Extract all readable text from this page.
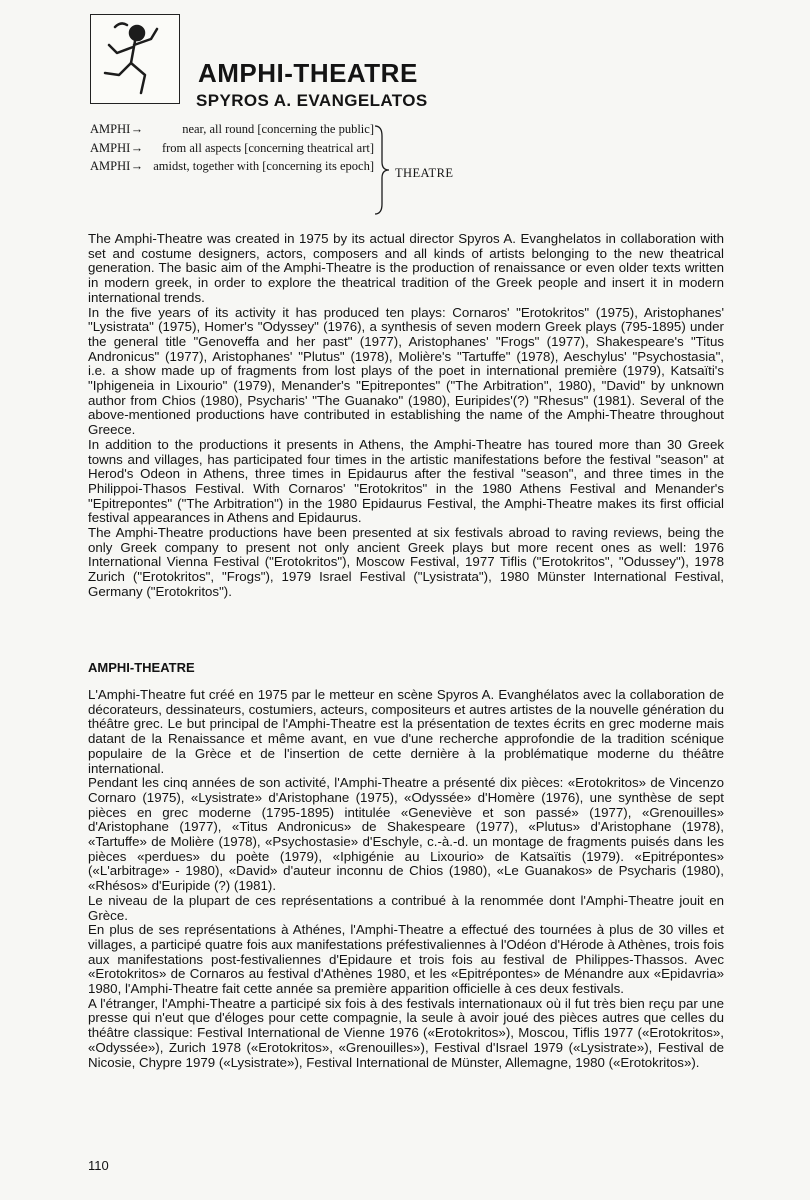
AMPHI-THEATRE
SPYROS A. EVANGELATOS
AMPHI →	near, all round [concerning the public]
AMPHI →	from all aspects [concerning theatrical art]
AMPHI → amidst, together with [concerning its epoch]	THEATRE

The Amphi-Theatre was created in 1975 by its actual director Spyros A. Evanghelatos in collaboration with set and costume designers, actors, composers and all kinds of artists belonging to the new theatrical generation. The basic aim of the Amphi-Theatre is the production of renaissance or even older texts written in modern greek, in order to explore the theatrical tradition of the Greek people and insert it in modern international trends.

In the five years of its activity it has produced ten plays: Cornaros' "Erotokritos" (1975), Aristophanes' "Lysistrata" (1975), Homer's "Odyssey" (1976), a synthesis of seven modern Greek plays (795-1895) under the general title "Genoveffa and her past" (1977), Aristophanes' "Frogs" (1977), Shakespeare's "Titus Andronicus" (1977), Aristophanes' "Plutus" (1978), Molière's "Tartuffe" (1978), Aeschylus' "Psychostasia", i.e. a show made up of fragments from lost plays of the poet in international première (1979), Katsaïti's "Iphigeneia in Lixourio" (1979), Menander's "Epitrepontes" ("The Arbitration", 1980), "David" by unknown author from Chios (1980), Psycharis' "The Guanako" (1980), Euripides'(?) "Rhesus" (1981). Several of the above-mentioned productions have contributed in establishing the name of the Amphi-Theatre throughout Greece.

In addition to the productions it presents in Athens, the Amphi-Theatre has toured more than 30 Greek towns and villages, has participated four times in the artistic manifestations before the festival "season" at Herod's Odeon in Athens, three times in Epidaurus after the festival "season", and three times in the Philippoi-Thasos Festival. With Cornaros' "Erotokritos" in the 1980 Athens Festival and Menander's "Epitrepontes" ("The Arbitration") in the 1980 Epidaurus Festival, the Amphi-Theatre makes its first official festival appearances in Athens and Epidaurus.

The Amphi-Theatre productions have been presented at six festivals abroad to raving reviews, being the only Greek company to present not only ancient Greek plays but more recent ones as well: 1976 International Vienna Festival ("Erotokritos"), Moscow Festival, 1977 Tiflis ("Erotokritos", "Odussey"), 1978 Zurich ("Erotokritos", "Frogs"), 1979 Israel Festival ("Lysistrata"), 1980 Münster International Festival, Germany ("Erotokritos").

AMPHI-THEATRE

L'Amphi-Theatre fut créé en 1975 par le metteur en scène Spyros A. Evanghélatos avec la collaboration de décorateurs, dessinateurs, costumiers, acteurs, compositeurs et autres artistes de la nouvelle génération du théâtre grec. Le but principal de l'Amphi-Theatre est la présentation de textes écrits en grec moderne mais datant de la Renaissance et même avant, en vue d'une recherche approfondie de la tradition scénique populaire de la Grèce et de l'insertion de cette dernière à la problématique moderne du théâtre international.

Pendant les cinq années de son activité, l'Amphi-Theatre a présenté dix pièces: «Erotokritos» de Vincenzo Cornaro (1975), «Lysistrate» d'Aristophane (1975), «Odyssée» d'Homère (1976), une synthèse de sept pièces en grec moderne (1795-1895) intitulée «Geneviève et son passé» (1977), «Grenouilles» d'Aristophane (1977), «Titus Andronicus» de Shakespeare (1977), «Plutus» d'Aristophane (1978), «Tartuffe» de Molière (1978), «Psychostasie» d'Eschyle, c.-à.-d. un montage de fragments puisés dans les pièces «perdues» du poète (1979), «Iphigénie au Lixourio» de Katsaïtis (1979). «Epitrépontes» («L'arbitrage» - 1980), «David» d'auteur inconnu de Chios (1980), «Le Guanakos» de Psycharis (1980), «Rhésos» d'Euripide (?) (1981).

Le niveau de la plupart de ces représentations a contribué à la renommée dont l'Amphi-Theatre jouit en Grèce.

En plus de ses représentations à Athénes, l'Amphi-Theatre a effectué des tournées à plus de 30 villes et villages, a participé quatre fois aux manifestations préfestivaliennes à l'Odéon d'Hérode à Athènes, trois fois aux manifestations post-festivaliennes d'Epidaure et trois fois au festival de Philippes-Thassos. Avec «Erotokritos» de Cornaros au festival d'Athènes 1980, et les «Epitrépontes» de Ménandre aux «Epidavria» 1980, l'Amphi-Theatre fait cette année sa première apparition officielle à ces deux festivals.

A l'étranger, l'Amphi-Theatre a participé six fois à des festivals internationaux où il fut très bien reçu par une presse qui n'eut que d'éloges pour cette compagnie, la seule à avoir joué des pièces autres que celles du théâtre classique: Festival International de Vienne 1976 («Erotokritos»), Moscou, Tiflis 1977 («Erotokritos», «Odyssée»), Zurich 1978 («Erotokritos», «Grenouilles»), Festival d'Israel 1979 («Lysistrate»), Festival de Nicosie, Chypre 1979 («Lysistrate»), Festival International de Münster, Allemagne, 1980 («Erotokritos»).

110
